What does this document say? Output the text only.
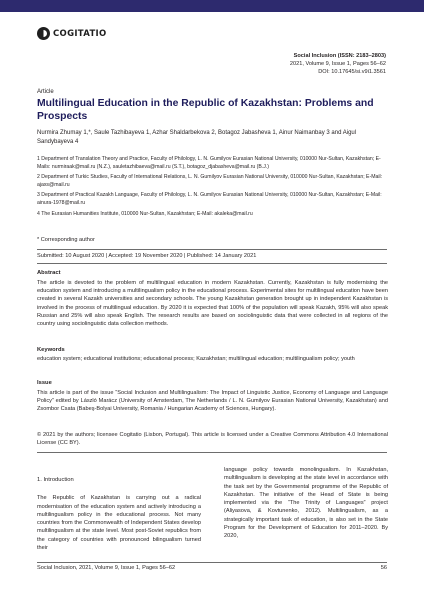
COGITATIO
Social Inclusion (ISSN: 2183–2803)
2021, Volume 9, Issue 1, Pages 56–62
DOI: 10.17645/si.v9i1.3561
Article
Multilingual Education in the Republic of Kazakhstan: Problems and Prospects
Nurmira Zhumay 1,*, Saule Tazhibayeva 1, Azhar Shaldarbekova 2, Botagoz Jabasheva 1, Ainur Naimanbay 3 and Aigul Sandybayeva 4

1 Department of Translation Theory and Practice, Faculty of Philology, L. N. Gumilyov Eurasian National University, 010000 Nur-Sultan, Kazakhstan; E-Mails: nurmiraak@mail.ru (N.Z.), sauletazhibaeva@mail.ru (S.T.), botagoz_djabasheva@mail.ru (B.J.)

2 Department of Turkic Studies, Faculty of International Relations, L. N. Gumilyov Eurasian National University, 010000 Nur-Sultan, Kazakhstan; E-Mail: ajaxs@mail.ru

3 Department of Practical Kazakh Language, Faculty of Philology, L. N. Gumilyov Eurasian National University, 010000 Nur-Sultan, Kazakhstan; E-Mail: ainura-1978@mail.ru

4 The Eurasian Humanities Institute, 010000 Nur-Sultan, Kazakhstan; E-Mail: akaleka@mail.ru

* Corresponding author
Submitted: 10 August 2020 | Accepted: 19 November 2020 | Published: 14 January 2021
Abstract
The article is devoted to the problem of multilingual education in modern Kazakhstan. Currently, Kazakhstan is fully modernising the education system and introducing a multilingualism policy in the educational process. Experimental sites for multilingual education have been created in several Kazakh universities and secondary schools. The young Kazakhstan generation brought up in independent Kazakhstan is involved in the process of multilingual education. By 2020 it is expected that 100% of the population will speak Kazakh, 95% will also speak Russian and 25% will also speak English. The research results are based on sociolinguistic data that were collected in all regions of the country using sociolinguistic data collection methods.
Keywords
education system; educational institutions; educational process; Kazakhstan; multilingual education; multilingualism policy; youth
Issue
This article is part of the issue “Social Inclusion and Multilingualism: The Impact of Linguistic Justice, Economy of Language and Language Policy” edited by László Marácz (University of Amsterdam, The Netherlands / L. N. Gumilyov Eurasian National University, Kazakhstan) and Zsombor Csata (Babeş-Bolyai University, Romania / Hungarian Academy of Sciences, Hungary).
© 2021 by the authors; licensee Cogitatio (Lisbon, Portugal). This article is licensed under a Creative Commons Attribution 4.0 International License (CC BY).
1. Introduction

The Republic of Kazakhstan is carrying out a radical modernisation of the education system and actively introducing a multilingualism policy in the educational process. Not many countries from the Commonwealth of Independent States develop multilingualism at the state level. Most post-Soviet republics from the category of countries with pronounced bilingualism turned their

language policy towards monolingualism. In Kazakhstan, multilingualism is developing at the state level in accordance with the task set by the Governmental programme of the Republic of Kazakhstan. The initiative of the Head of State is being implemented via the “The Trinity of Languages” project (Aliyasova, & Kovtunenko, 2012). Multilingualism, as a strategically important task of education, is also set in the State Program for the Development of Education for 2011–2020. By 2020,

Social Inclusion, 2021, Volume 9, Issue 1, Pages 56–62	56
